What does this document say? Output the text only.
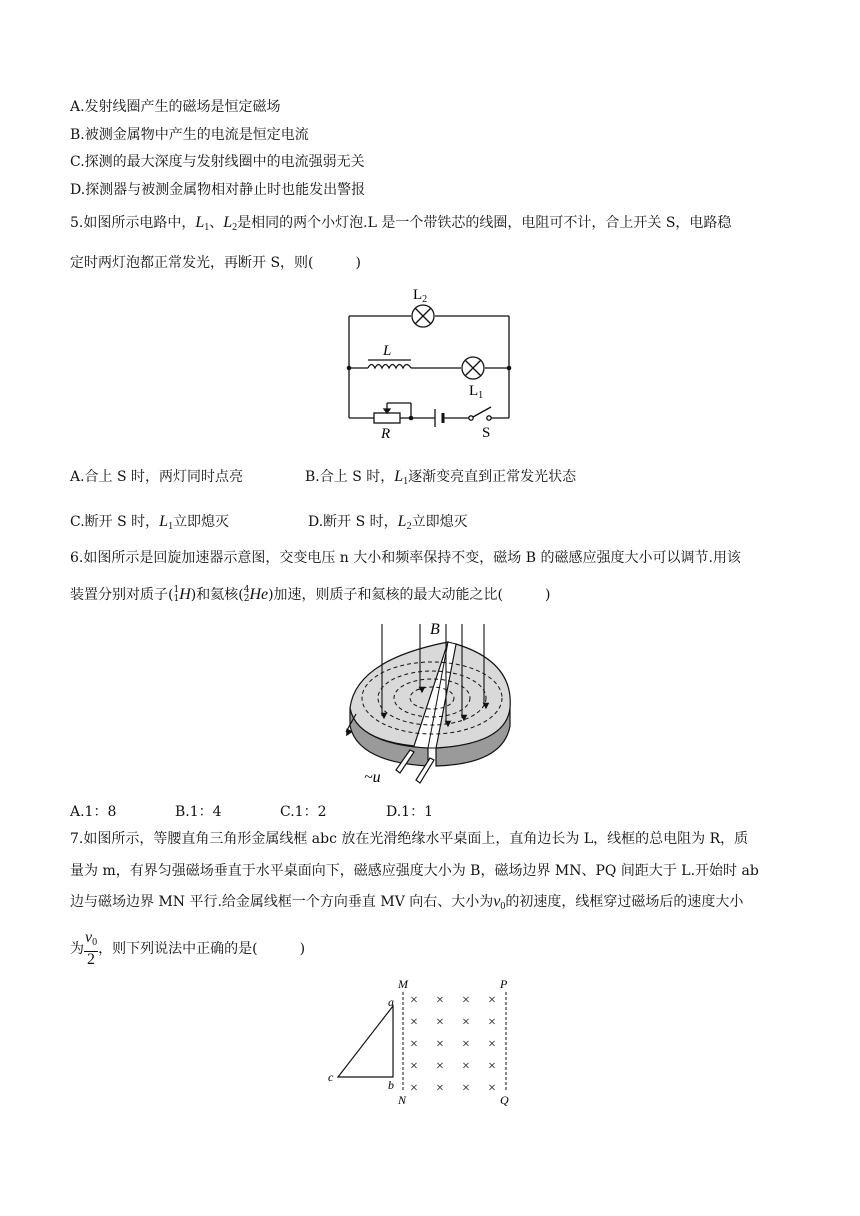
A.发射线圈产生的磁场是恒定磁场
B.被测金属物中产生的电流是恒定电流
C.探测的最大深度与发射线圈中的电流强弱无关
D.探测器与被测金属物相对静止时也能发出警报
5.如图所示电路中，$L_1$、$L_2$是相同的两个小灯泡.L 是一个带铁芯的线圈，电阻可不计，合上开关 S，电路稳
定时两灯泡都正常发光，再断开 S，则(　　　)
$L_2$
L
$L_1$
R	S
A.合上 S 时，两灯同时点亮	B.合上 S 时，$L_1$逐渐变亮直到正常发光状态
C.断开 S 时，$L_1$立即熄灭	D.断开 S 时，$L_2$立即熄灭
6.如图所示是回旋加速器示意图，交变电压 n 大小和频率保持不变，磁场 B 的磁感应强度大小可以调节.用该
装置分别对质子( 1
1 H)和氦核( 4
2 He)加速，则质子和氦核的最大动能之比(　　　)
B
~u
A.1：8	B.1：4	C.1：2	D.1：1
7.如图所示，等腰直角三角形金属线框 abc 放在光滑绝缘水平桌面上，直角边长为 L，线框的总电阻为 R，质
量为 m，有界匀强磁场垂直于水平桌面向下，磁感应强度大小为 B，磁场边界 MN、PQ 间距大于 L.开始时 ab
边与磁场边界 MN 平行.给金属线框一个方向垂直 MV 向右、大小为$v_0$的初速度，线框穿过磁场后的速度大小
为 $\frac{v_0}{2}$ ，则下列说法中正确的是(　　　)
a
b
c
M
N
P
Q
× × × ×
× × × ×
× × × ×
× × × ×
× × × ×
